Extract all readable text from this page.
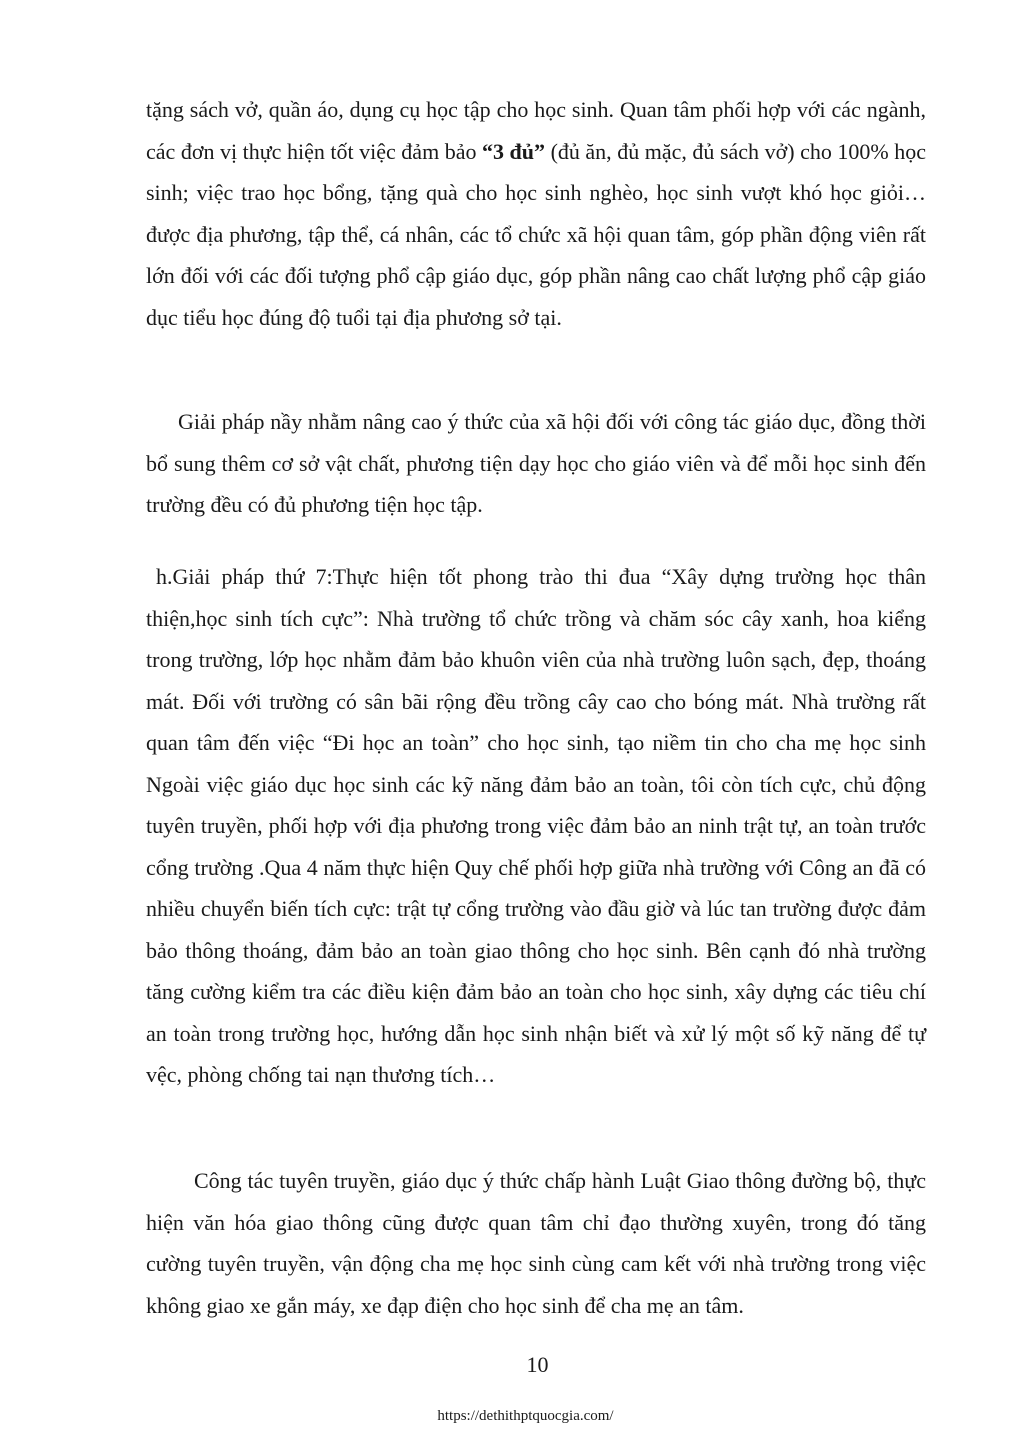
tặng sách vở, quần áo, dụng cụ học tập cho học sinh. Quan tâm phối hợp với các ngành, các đơn vị thực hiện tốt việc đảm bảo “3 đủ” (đủ ăn, đủ mặc, đủ sách vở) cho 100% học sinh; việc trao học bổng, tặng quà cho học sinh nghèo, học sinh vượt khó học giỏi… được địa phương, tập thể, cá nhân, các tổ chức xã hội quan tâm, góp phần động viên rất lớn đối với các đối tượng phổ cập giáo dục, góp phần nâng cao chất lượng phổ cập giáo dục tiểu học đúng độ tuổi tại địa phương sở tại.

Giải pháp nầy nhằm nâng cao ý thức của xã hội đối với công tác giáo dục, đồng thời bổ sung thêm cơ sở vật chất, phương tiện dạy học cho giáo viên và để mỗi học sinh đến trường đều có đủ phương tiện học tập.

h.Giải pháp thứ 7:Thực hiện tốt phong trào thi đua “Xây dựng trường học thân thiện,học sinh tích cực”: Nhà trường tổ chức trồng và chăm sóc cây xanh, hoa kiểng trong trường, lớp học nhằm đảm bảo khuôn viên của nhà trường luôn sạch, đẹp, thoáng mát. Đối với trường có sân bãi rộng đều trồng cây cao cho bóng mát. Nhà trường rất quan tâm đến việc “Đi học an toàn” cho học sinh, tạo niềm tin cho cha mẹ học sinh Ngoài việc giáo dục học sinh các kỹ năng đảm bảo an toàn, tôi còn tích cực, chủ động tuyên truyền, phối hợp với địa phương trong việc đảm bảo an ninh trật tự, an toàn trước cổng trường .Qua 4 năm thực hiện Quy chế phối hợp giữa nhà trường với Công an đã có nhiều chuyển biến tích cực: trật tự cổng trường vào đầu giờ và lúc tan trường được đảm bảo thông thoáng, đảm bảo an toàn giao thông cho học sinh. Bên cạnh đó nhà trường tăng cường kiểm tra các điều kiện đảm bảo an toàn cho học sinh, xây dựng các tiêu chí an toàn trong trường học, hướng dẫn học sinh nhận biết và xử lý một số kỹ năng để tự vệc, phòng chống tai nạn thương tích…

Công tác tuyên truyền, giáo dục ý thức chấp hành Luật Giao thông đường bộ, thực hiện văn hóa giao thông cũng được quan tâm chỉ đạo thường xuyên, trong đó tăng cường tuyên truyền, vận động cha mẹ học sinh cùng cam kết với nhà trường trong việc không giao xe gắn máy, xe đạp điện cho học sinh để cha mẹ an tâm.

10
https://dethithptquocgia.com/
